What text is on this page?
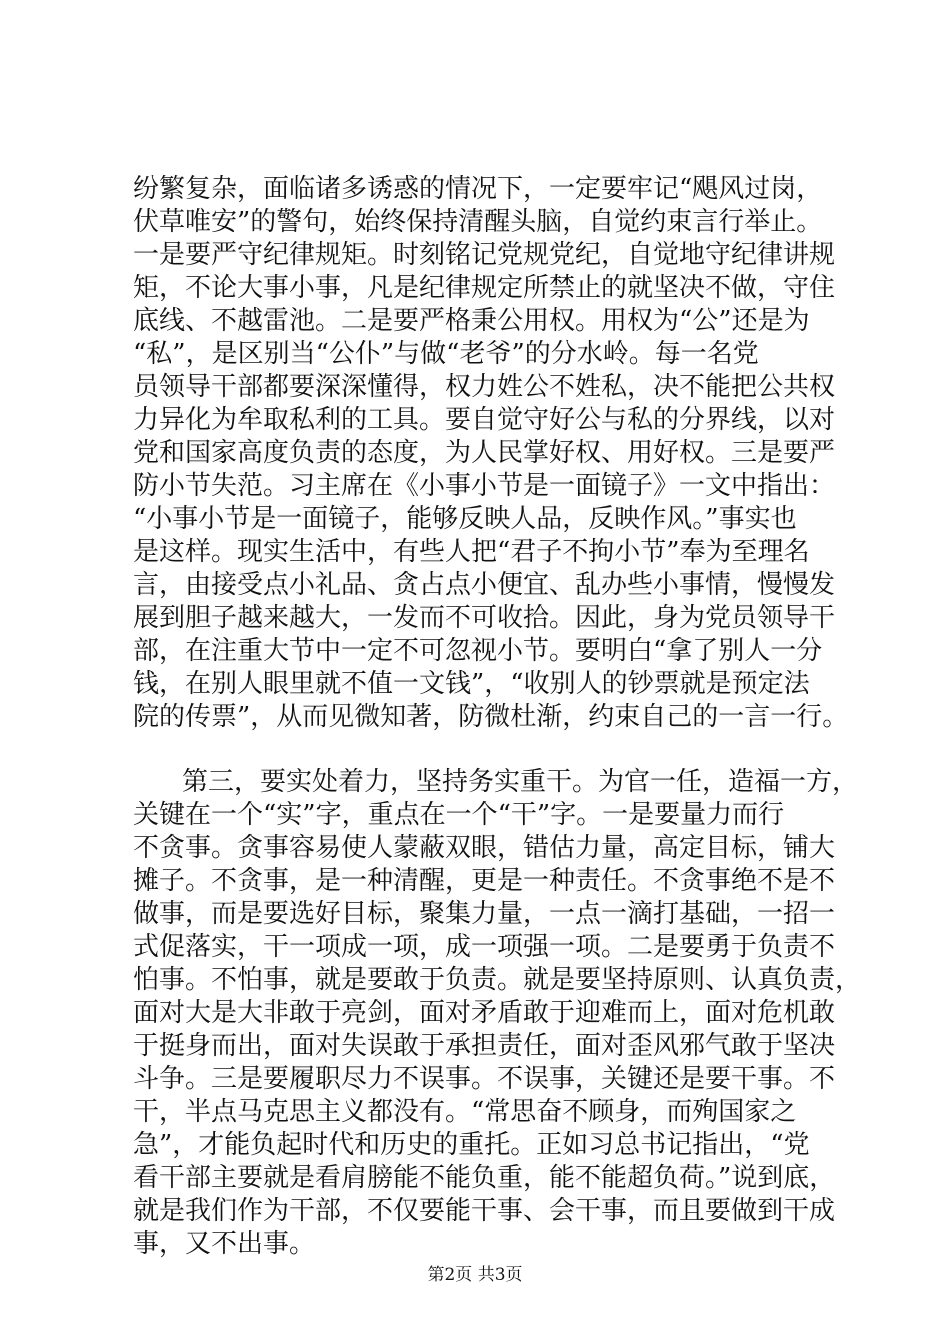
纷繁复杂，面临诸多诱惑的情况下，一定要牢记“飓风过岗，
伏草唯安”的警句，始终保持清醒头脑，自觉约束言行举止。
一是要严守纪律规矩。时刻铭记党规党纪，自觉地守纪律讲规
矩，不论大事小事，凡是纪律规定所禁止的就坚决不做，守住
底线、不越雷池。二是要严格秉公用权。用权为“公”还是为
“私”，是区别当“公仆”与做“老爷”的分水岭。每一名党
员领导干部都要深深懂得，权力姓公不姓私，决不能把公共权
力异化为牟取私利的工具。要自觉守好公与私的分界线，以对
党和国家高度负责的态度，为人民掌好权、用好权。三是要严
防小节失范。习主席在《小事小节是一面镜子》一文中指出：
“小事小节是一面镜子，能够反映人品，反映作风。”事实也
是这样。现实生活中，有些人把“君子不拘小节”奉为至理名
言，由接受点小礼品、贪占点小便宜、乱办些小事情，慢慢发
展到胆子越来越大，一发而不可收拾。因此，身为党员领导干
部，在注重大节中一定不可忽视小节。要明白“拿了别人一分
钱，在别人眼里就不值一文钱”，“收别人的钞票就是预定法
院的传票”，从而见微知著，防微杜渐，约束自己的一言一行。
第三，要实处着力，坚持务实重干。为官一任，造福一方，
关键在一个“实”字，重点在一个“干”字。一是要量力而行
不贪事。贪事容易使人蒙蔽双眼，错估力量，高定目标，铺大
摊子。不贪事，是一种清醒，更是一种责任。不贪事绝不是不
做事，而是要选好目标，聚集力量，一点一滴打基础，一招一
式促落实，干一项成一项，成一项强一项。二是要勇于负责不
怕事。不怕事，就是要敢于负责。就是要坚持原则、认真负责，
面对大是大非敢于亮剑，面对矛盾敢于迎难而上，面对危机敢
于挺身而出，面对失误敢于承担责任，面对歪风邪气敢于坚决
斗争。三是要履职尽力不误事。不误事，关键还是要干事。不
干，半点马克思主义都没有。“常思奋不顾身，而殉国家之
急”，才能负起时代和历史的重托。正如习总书记指出，“党
看干部主要就是看肩膀能不能负重，能不能超负荷。”说到底，
就是我们作为干部，不仅要能干事、会干事，而且要做到干成
事，又不出事。
第2页 共3页
